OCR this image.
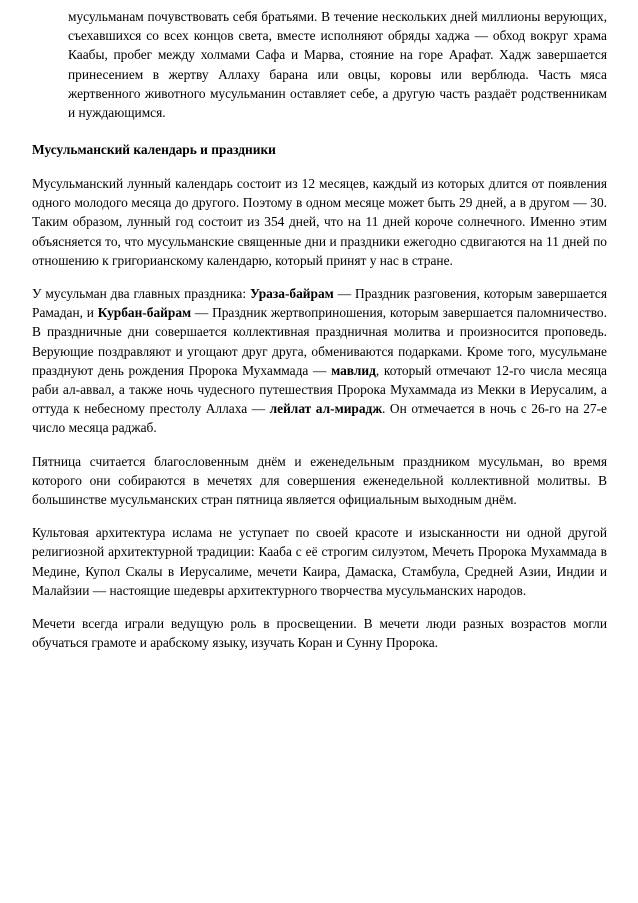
мусульманам почувствовать себя братьями. В течение нескольких дней миллионы верующих, съехавшихся со всех концов света, вместе исполняют обряды хаджа — обход вокруг храма Каабы, пробег между холмами Сафа и Марва, стояние на горе Арафат. Хадж завершается принесением в жертву Аллаху барана или овцы, коровы или верблюда. Часть мяса жертвенного животного мусульманин оставляет себе, а другую часть раздаёт родственникам и нуждающимся.

Мусульманский календарь и праздники

Мусульманский лунный календарь состоит из 12 месяцев, каждый из которых длится от появления одного молодого месяца до другого. Поэтому в одном месяце может быть 29 дней, а в другом — 30. Таким образом, лунный год состоит из 354 дней, что на 11 дней короче солнечного. Именно этим объясняется то, что мусульманские священные дни и праздники ежегодно сдвигаются на 11 дней по отношению к григорианскому календарю, который принят у нас в стране.

У мусульман два главных праздника: Ураза-байрам — Праздник разговения, которым завершается Рамадан, и Курбан-байрам — Праздник жертвоприношения, которым завершается паломничество. В праздничные дни совершается коллективная праздничная молитва и произносится проповедь. Верующие поздравляют и угощают друг друга, обмениваются подарками. Кроме того, мусульмане празднуют день рождения Пророка Мухаммада — мавлид, который отмечают 12-го числа месяца раби ал-аввал, а также ночь чудесного путешествия Пророка Мухаммада из Мекки в Иерусалим, а оттуда к небесному престолу Аллаха — лейлат ал-мирадж. Он отмечается в ночь с 26-го на 27-е число месяца раджаб.

Пятница считается благословенным днём и еженедельным праздником мусульман, во время которого они собираются в мечетях для совершения еженедельной коллективной молитвы. В большинстве мусульманских стран пятница является официальным выходным днём.

Культовая архитектура ислама не уступает по своей красоте и изысканности ни одной другой религиозной архитектурной традиции: Кааба с её строгим силуэтом, Мечеть Пророка Мухаммада в Медине, Купол Скалы в Иерусалиме, мечети Каира, Дамаска, Стамбула, Средней Азии, Индии и Малайзии — настоящие шедевры архитектурного творчества мусульманских народов.

Мечети всегда играли ведущую роль в просвещении. В мечети люди разных возрастов могли обучаться грамоте и арабскому языку, изучать Коран и Сунну Пророка.
